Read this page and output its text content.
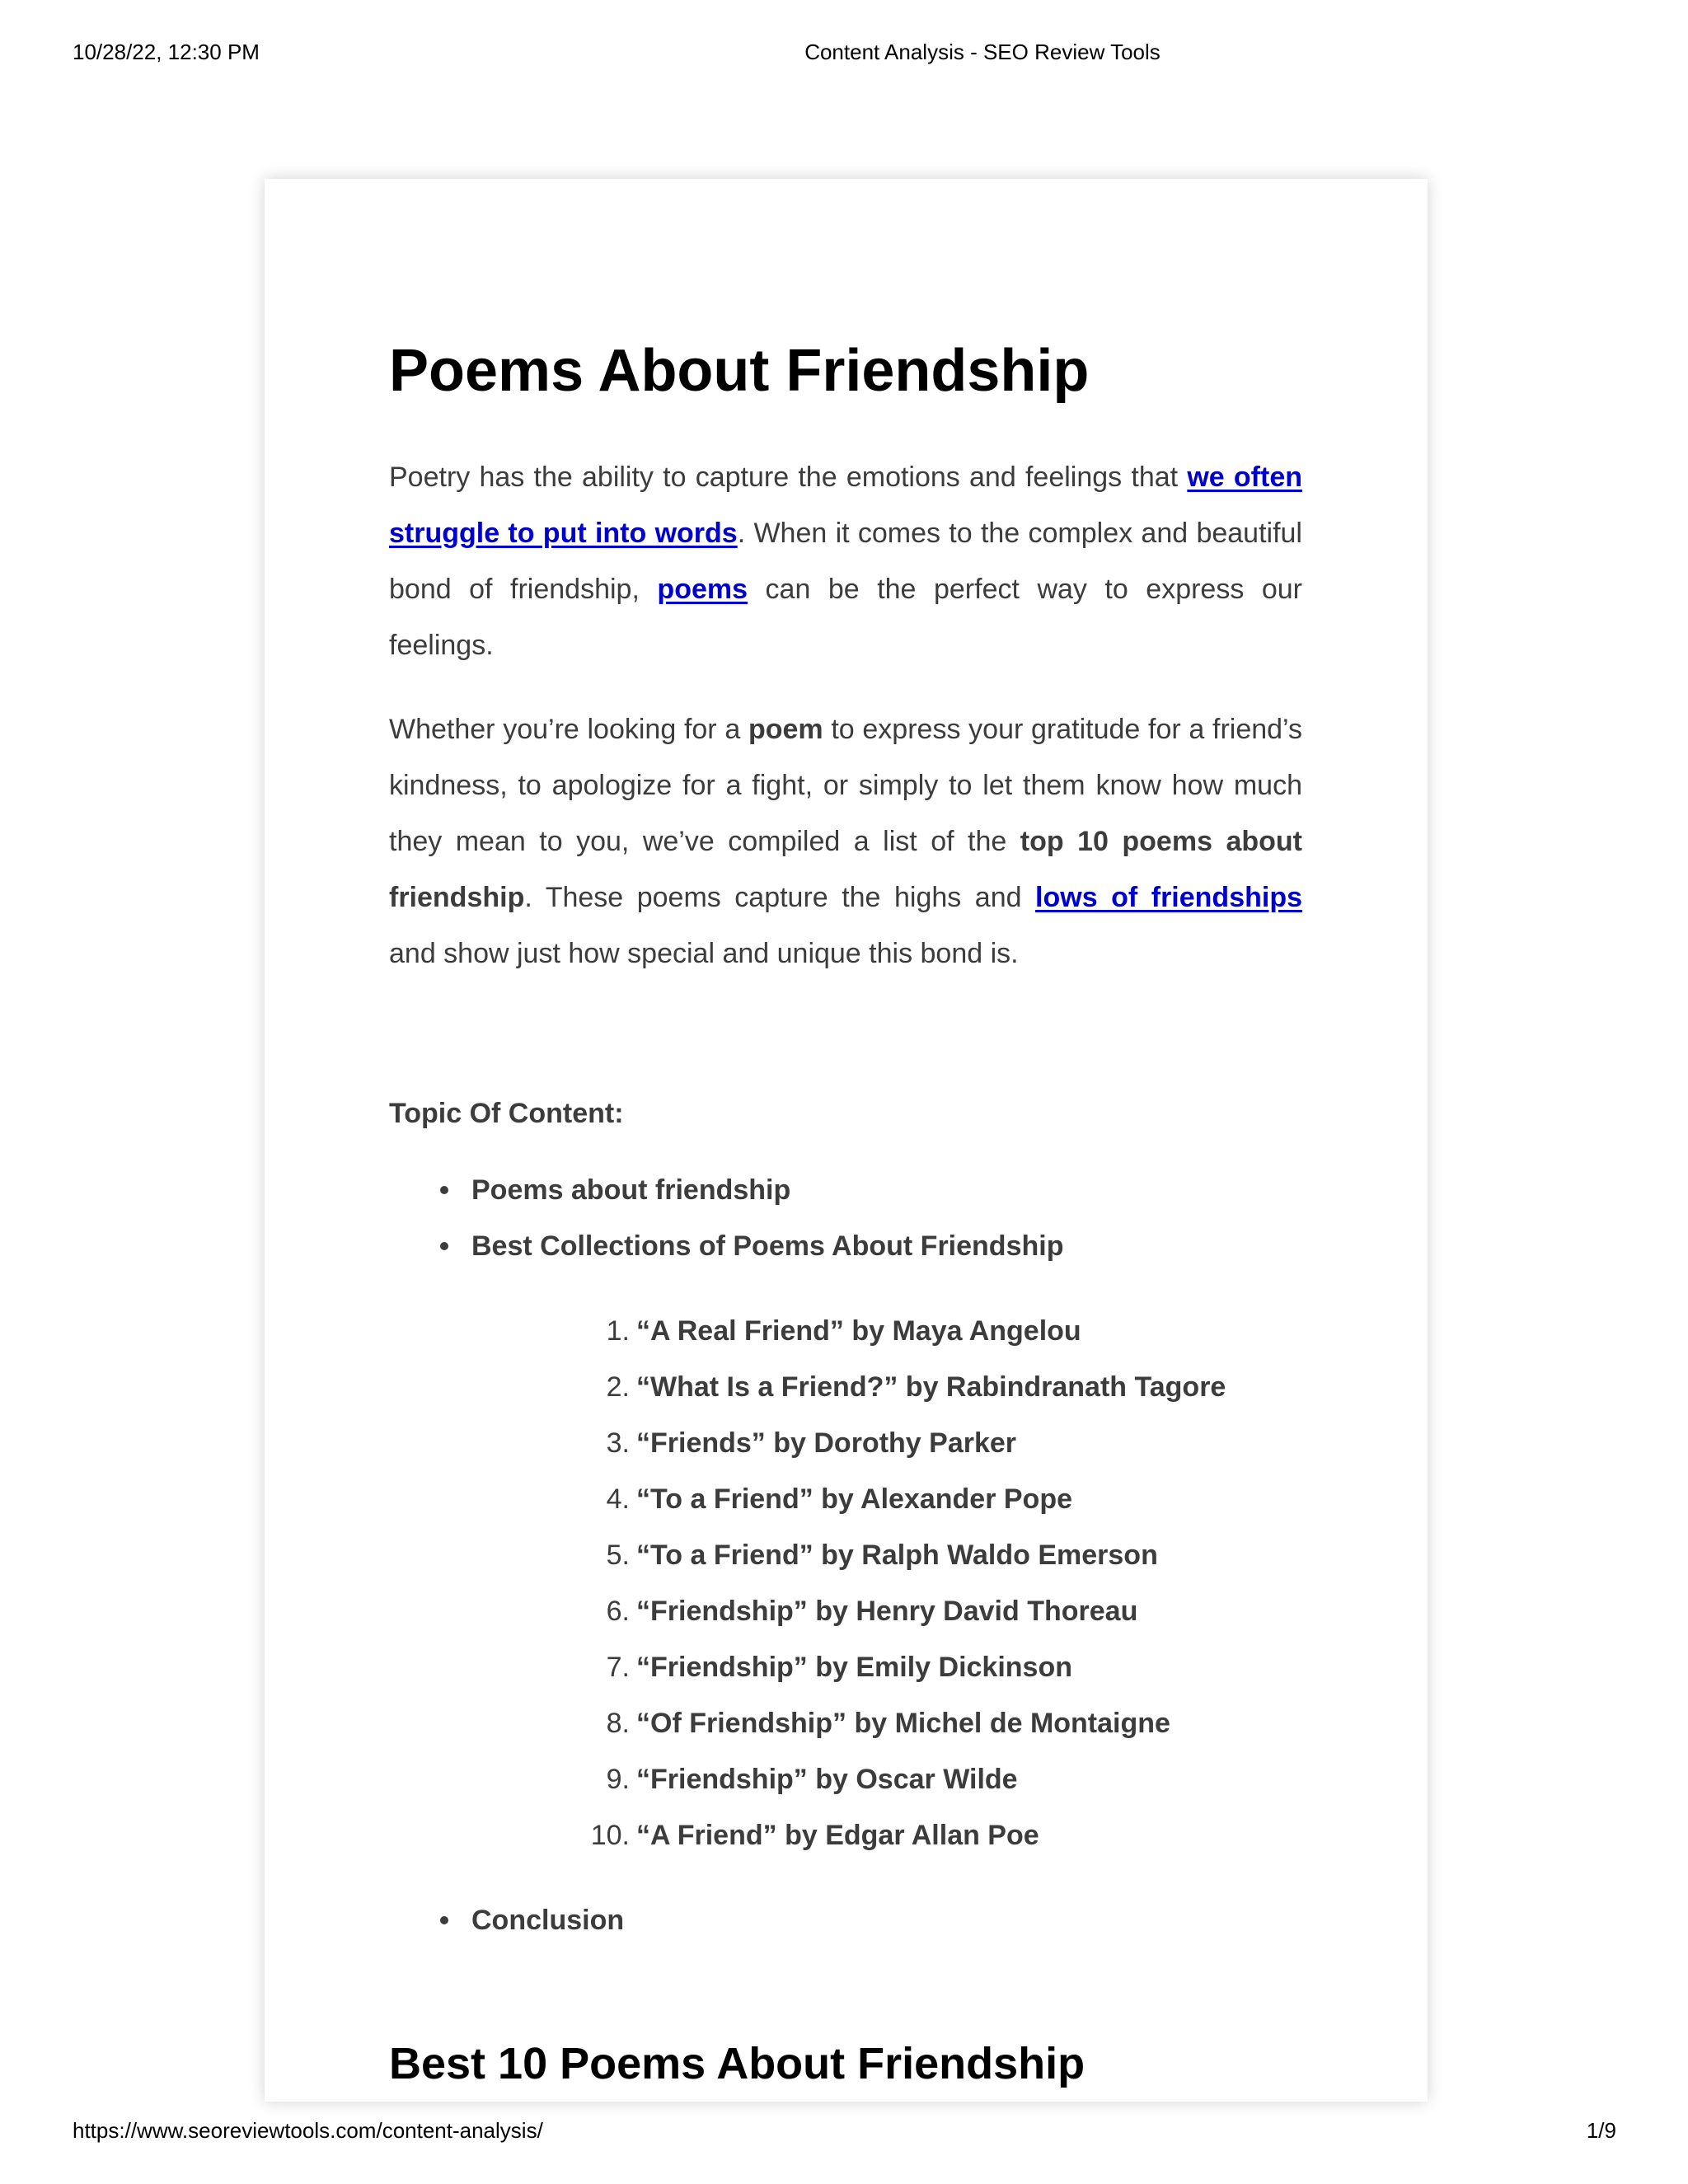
10/28/22, 12:30 PM	Content Analysis - SEO Review Tools
Poems About Friendship

Poetry has the ability to capture the emotions and feelings that we often struggle to put into words. When it comes to the complex and beautiful bond of friendship, poems can be the perfect way to express our feelings.

Whether you’re looking for a poem to express your gratitude for a friend’s kindness, to apologize for a fight, or simply to let them know how much they mean to you, we’ve compiled a list of the top 10 poems about friendship. These poems capture the highs and lows of friendships and show just how special and unique this bond is.

Topic Of Content:
Poems about friendship
Best Collections of Poems About Friendship
1. “A Real Friend” by Maya Angelou
2. “What Is a Friend?” by Rabindranath Tagore
3. “Friends” by Dorothy Parker
4. “To a Friend” by Alexander Pope
5. “To a Friend” by Ralph Waldo Emerson
6. “Friendship” by Henry David Thoreau
7. “Friendship” by Emily Dickinson
8. “Of Friendship” by Michel de Montaigne
9. “Friendship” by Oscar Wilde
10. “A Friend” by Edgar Allan Poe
Conclusion
Best 10 Poems About Friendship
https://www.seoreviewtools.com/content-analysis/	1/9
